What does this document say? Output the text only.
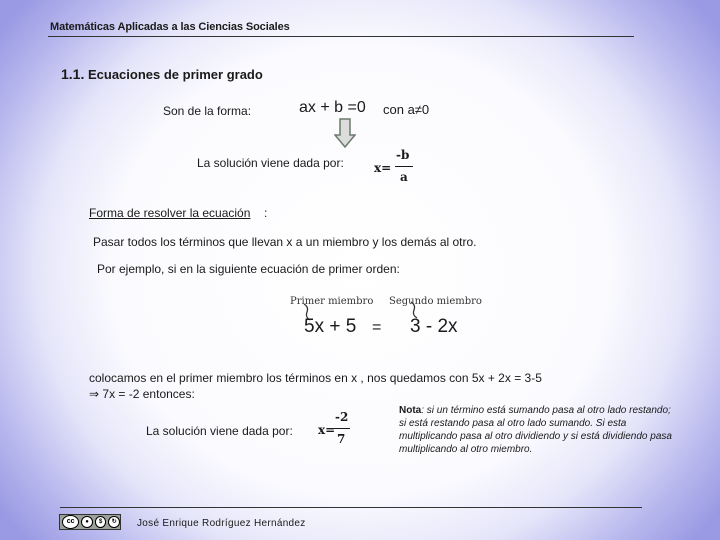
Matemáticas Aplicadas a las Ciencias Sociales
1.1. Ecuaciones de primer grado
Son de la forma:	ax + b =0 con a≠0
La solución viene dada por:	x=
-b
a
Forma de resolver la ecuación :
Pasar todos los términos que llevan x a un miembro y los demás al otro.
Por ejemplo, si en la siguiente ecuación de primer orden:
Primer miembro Segundo miembro
5x + 5 = 3 - 2x
colocamos en el primer miembro los términos en x , nos quedamos con 5x + 2x = 3-5
⇒ 7x = -2 entonces:
Nota: si un término está sumando pasa al otro lado restando; si está restando pasa al otro lado sumando. Si esta multiplicando pasa al otro dividiendo y si está dividiendo pasa multiplicando al otro miembro.
La solución viene dada por: x=
-2
7
cc	●	$	↻	José Enrique Rodríguez Hernández
